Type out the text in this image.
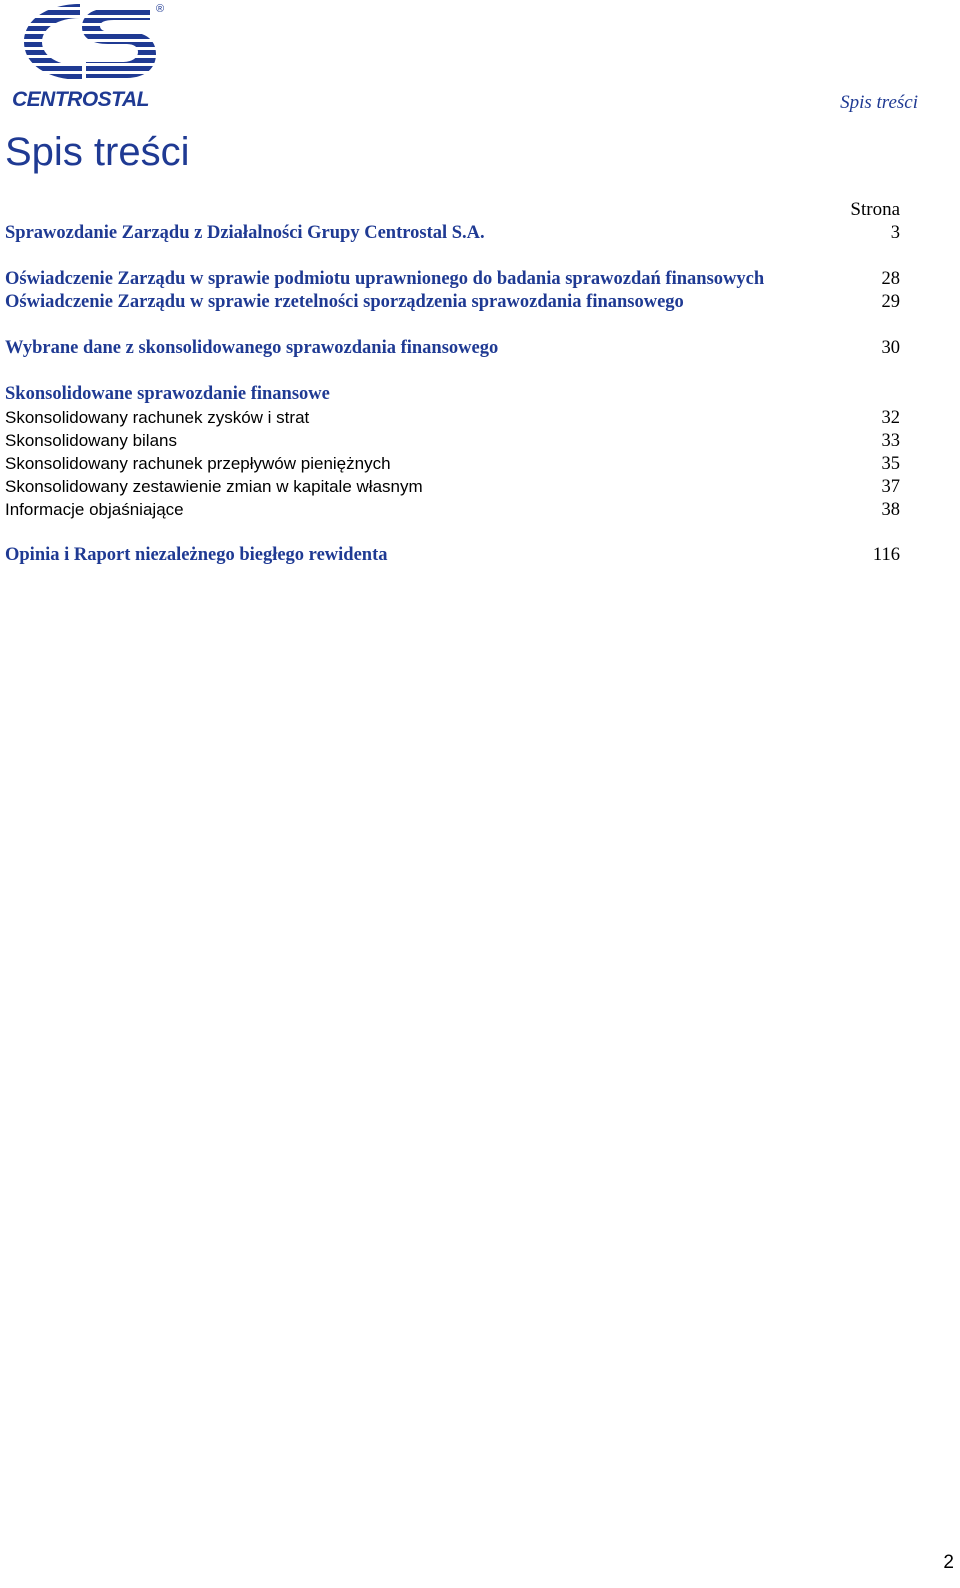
®
CENTROSTAL	Spis treści
Spis treści
Strona
Sprawozdanie Zarządu z Działalności Grupy Centrostal S.A.	3
Oświadczenie Zarządu w sprawie podmiotu uprawnionego do badania sprawozdań finansowych	28
Oświadczenie Zarządu w sprawie rzetelności sporządzenia sprawozdania finansowego	29
Wybrane dane z skonsolidowanego sprawozdania finansowego	30
Skonsolidowane sprawozdanie finansowe
Skonsolidowany rachunek zysków i strat	32
Skonsolidowany bilans	33
Skonsolidowany rachunek przepływów pieniężnych	35
Skonsolidowany zestawienie zmian w kapitale własnym	37
Informacje objaśniające	38
Opinia i Raport niezależnego biegłego rewidenta	116
2
